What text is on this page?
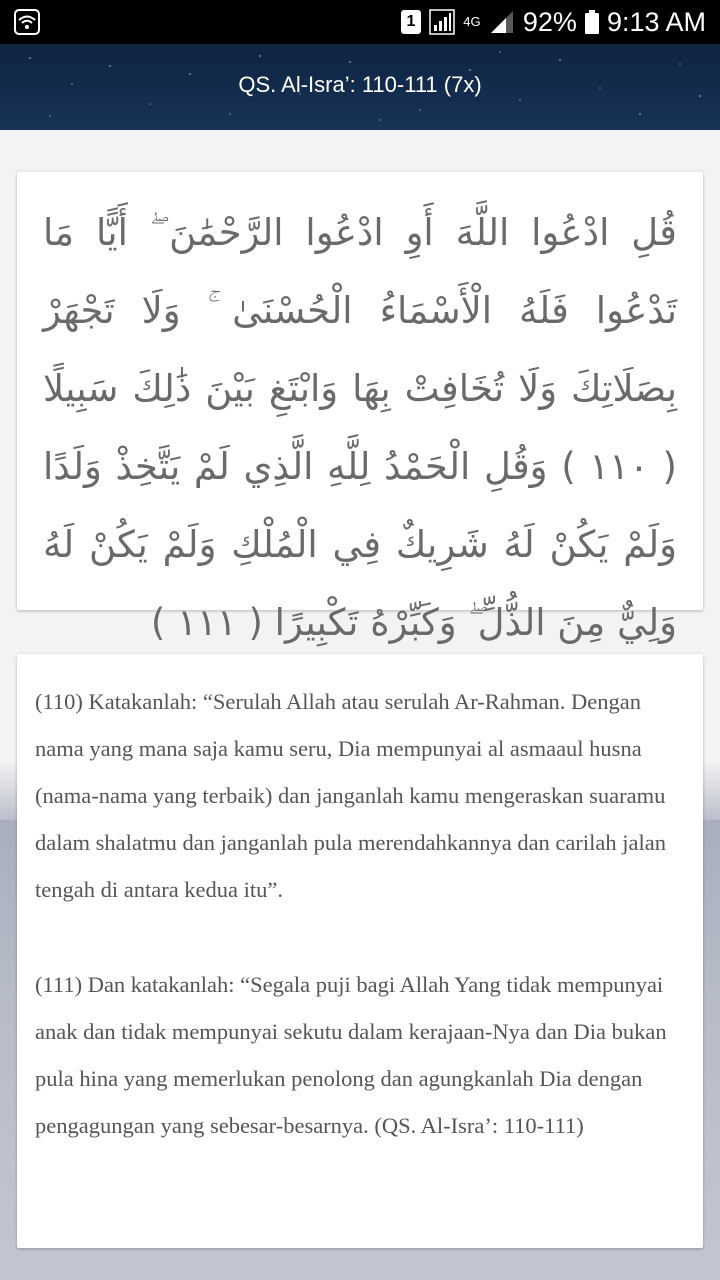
1	4G 92% 9:13 AM
QS. Al-Isra’: 110-111 (7x)

قُلِ ادْعُوا اللَّهَ أَوِ ادْعُوا الرَّحْمَٰنَ ۖ أَيًّا مَا تَدْعُوا فَلَهُ الْأَسْمَاءُ الْحُسْنَىٰ ۚ وَلَا تَجْهَرْ بِصَلَاتِكَ وَلَا تُخَافِتْ بِهَا وَابْتَغِ بَيْنَ ذَٰلِكَ سَبِيلًا ( ١١٠ ) وَقُلِ الْحَمْدُ لِلَّهِ الَّذِي لَمْ يَتَّخِذْ وَلَدًا وَلَمْ يَكُنْ لَهُ شَرِيكٌ فِي الْمُلْكِ وَلَمْ يَكُنْ لَهُ وَلِيٌّ مِنَ الذُّلِّ ۖ وَكَبِّرْهُ تَكْبِيرًا ( ١١١ )

(110) Katakanlah: “Serulah Allah atau serulah Ar-Rahman. Dengan nama yang mana saja kamu seru, Dia mempunyai al asmaaul husna (nama-nama yang terbaik) dan janganlah kamu mengeraskan suaramu dalam shalatmu dan janganlah pula merendahkannya dan carilah jalan tengah di antara kedua itu”.

(111) Dan katakanlah: “Segala puji bagi Allah Yang tidak mempunyai anak dan tidak mempunyai sekutu dalam kerajaan-Nya dan Dia bukan pula hina yang memerlukan penolong dan agungkanlah Dia dengan pengagungan yang sebesar-besarnya. (QS. Al-Isra’: 110-111)
